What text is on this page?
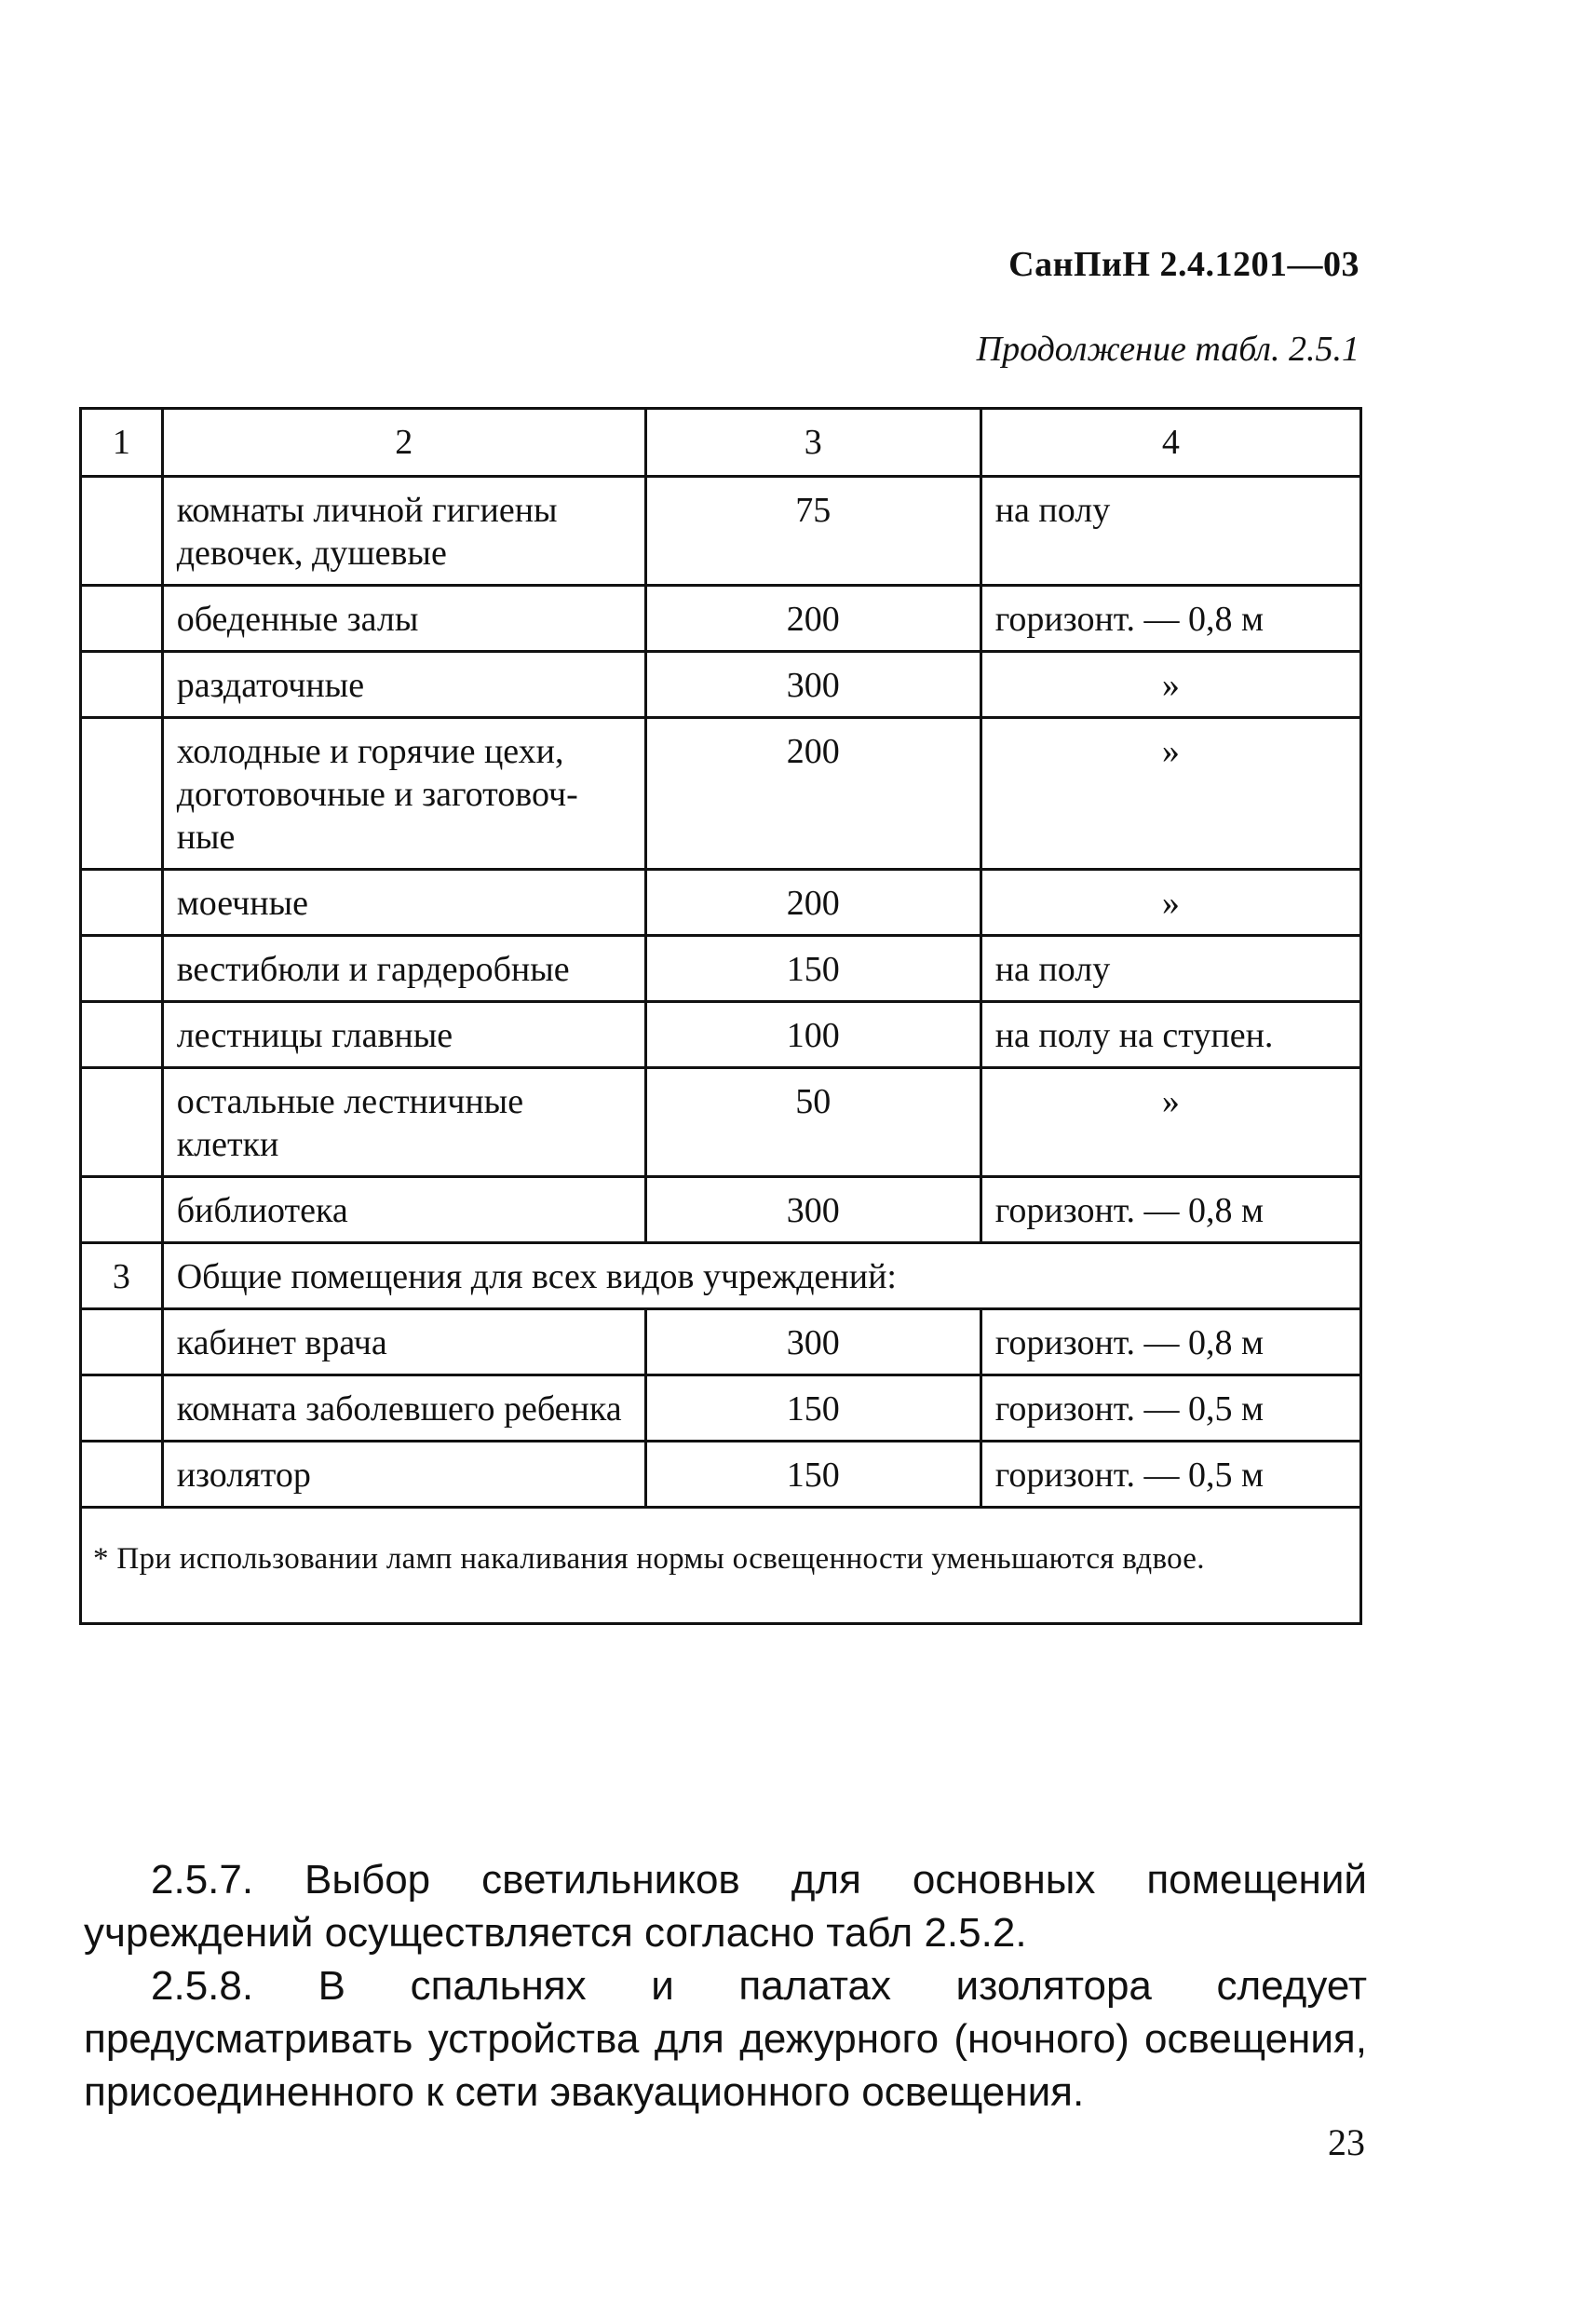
СанПиН 2.4.1201—03
Продолжение табл. 2.5.1
1	2	3	4
	комнаты личной гигиены девочек, душевые	75	на полу
	обеденные залы	200	горизонт. — 0,8 м
	раздаточные	300	»
	холодные и горячие цехи, доготовочные и заготовоч-ные	200	»
	моечные	200	»
	вестибюли и гардеробные	150	на полу
	лестницы главные	100	на полу на ступен.
	остальные лестничные клетки	50	»
	библиотека	300	горизонт. — 0,8 м
3	Общие помещения для всех видов учреждений:		
	кабинет врача	300	горизонт. — 0,8 м
	комната заболевшего ребенка	150	горизонт. — 0,5 м
	изолятор	150	горизонт. — 0,5 м
* При использовании ламп накаливания нормы освещенности уменьшаются вдвое.			

2.5.7. Выбор светильников для основных помещений учреждений осуществляется согласно табл 2.5.2.

2.5.8. В спальнях и палатах изолятора следует предусматривать устройства для дежурного (ночного) освещения, присоединенного к сети эвакуационного освещения.

23
